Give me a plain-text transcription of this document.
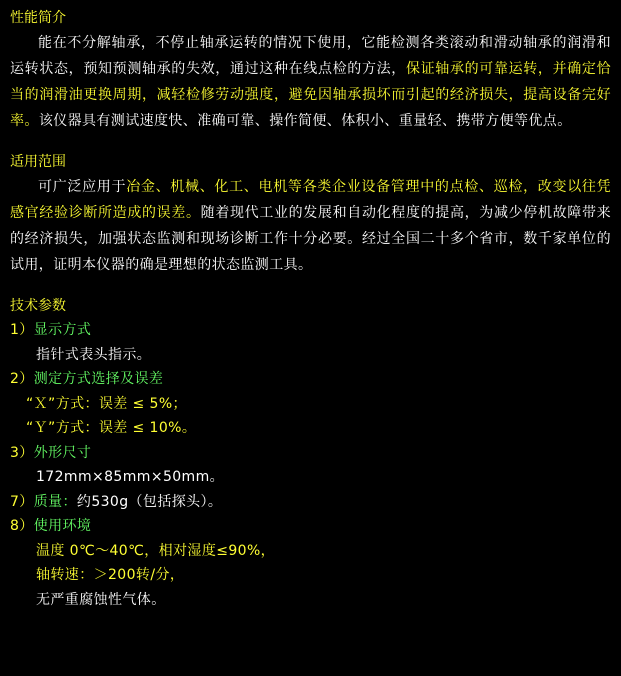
性能简介

能在不分解轴承，不停止轴承运转的情况下使用，它能检测各类滚动和滑动轴承的润滑和运转状态，预知预测轴承的失效，通过这种在线点检的方法，保证轴承的可靠运转，并确定恰当的润滑油更换周期，减轻检修劳动强度，避免因轴承损坏而引起的经济损失，提高设备完好率。该仪器具有测试速度快、准确可靠、操作简便、体积小、重量轻、携带方便等优点。

适用范围

可广泛应用于冶金、机械、化工、电机等各类企业设备管理中的点检、巡检，改变以往凭感官经验诊断所造成的误差。随着现代工业的发展和自动化程度的提高，为减少停机故障带来的经济损失，加强状态监测和现场诊断工作十分必要。经过全国二十多个省市，数千家单位的试用，证明本仪器的确是理想的状态监测工具。

技术参数
1）显示方式
指针式表头指示。
2）测定方式选择及误差
“Ｘ”方式：误差 ≤ 5%；
“Ｙ”方式：误差 ≤ 10%。
3）外形尺寸
172mm×85mm×50mm。
7）质量：约530g（包括探头）。
8）使用环境
温度 0℃～40℃，相对湿度≤90%，
轴转速：＞200转/分，
无严重腐蚀性气体。
